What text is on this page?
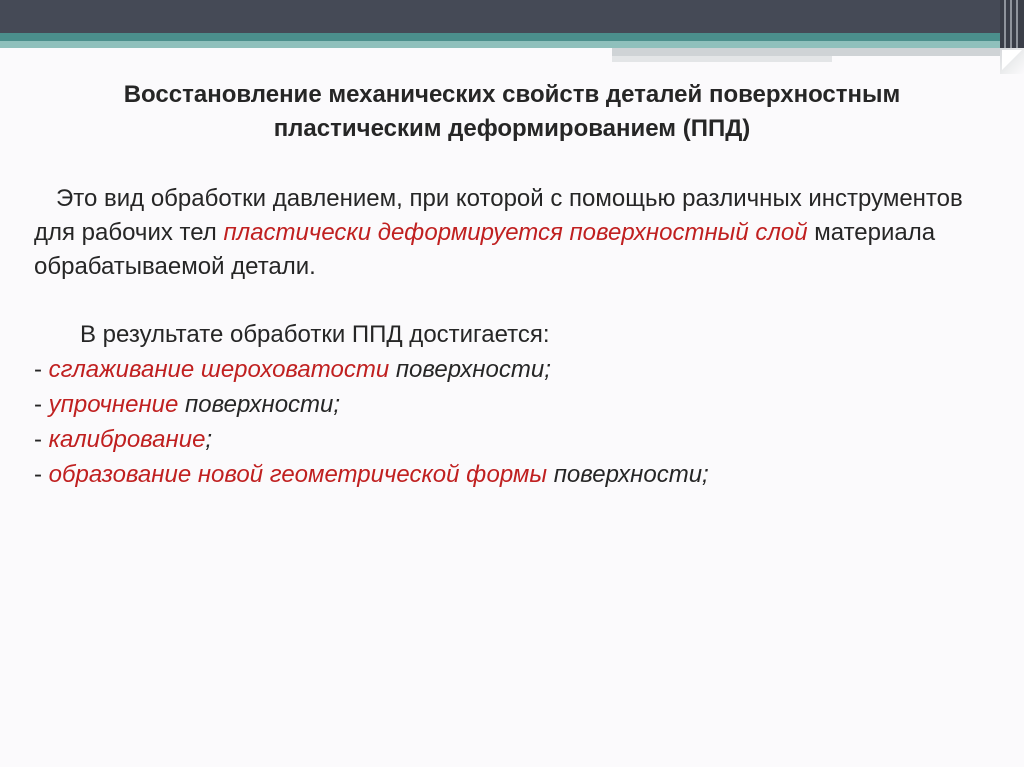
Восстановление механических свойств деталей поверхностным
пластическим деформированием (ППД)
Это вид обработки давлением, при которой с помощью различных инструментов для рабочих тел пластически деформируется поверхностный слой материала обрабатываемой детали.
В результате обработки ППД достигается:
- сглаживание шероховатости поверхности;
- упрочнение поверхности;
- калибрование;
- образование новой геометрической формы поверхности;
